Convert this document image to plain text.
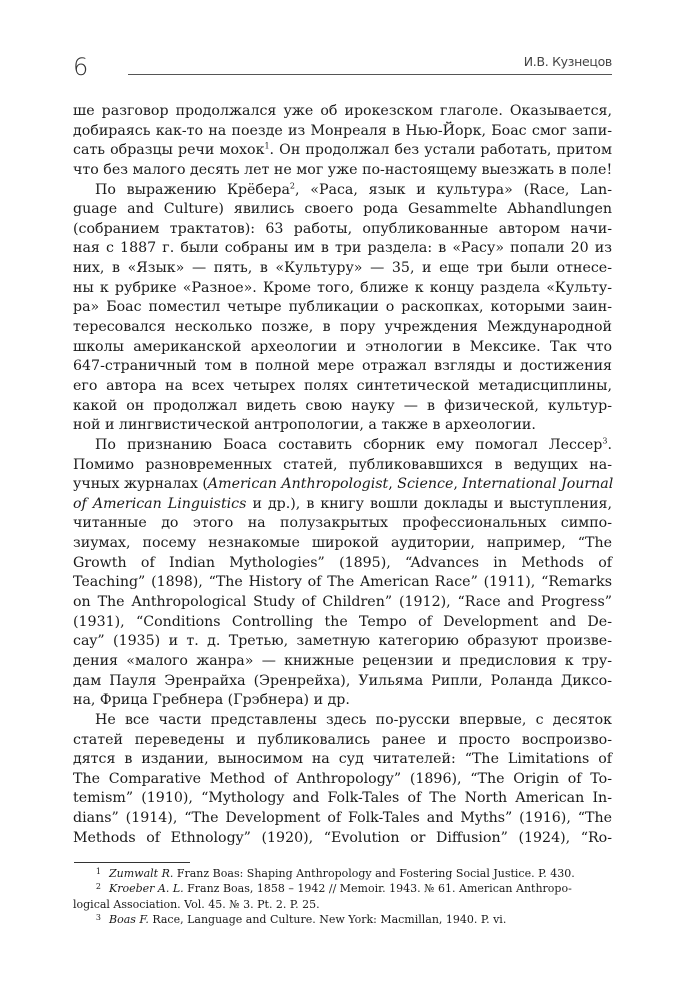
6	И.В. Кузнецов
ше разговор продолжался уже об ирокезском глаголе. Оказывается,
добираясь как-то на поезде из Монреаля в Нью-Йорк, Боас смог запи-
сать образцы речи мохок$^1$. Он продолжал без устали работать, притом
что без малого десять лет не мог уже по-настоящему выезжать в поле!
По выражению Крёбера$^2$, «Раса, язык и культура» (Race, Lan-
guage and Culture) явились своего рода Gesammelte Abhandlungen
(собранием трактатов): 63 работы, опубликованные автором начи-
ная с 1887 г. были собраны им в три раздела: в «Расу» попали 20 из
них, в «Язык» — пять, в «Культуру» — 35, и еще три были отнесе-
ны к рубрике «Разное». Кроме того, ближе к концу раздела «Культу-
ра» Боас поместил четыре публикации о раскопках, которыми заин-
тересовался несколько позже, в пору учреждения Международной
школы американской археологии и этнологии в Мексике. Так что
647-страничный том в полной мере отражал взгляды и достижения
его автора на всех четырех полях синтетической метадисциплины,
какой он продолжал видеть свою науку — в физической, культур-
ной и лингвистической антропологии, а также в археологии.
По признанию Боаса составить сборник ему помогал Лессер$^3$.
Помимо разновременных статей, публиковавшихся в ведущих на-
учных журналах (American Anthropologist, Science, International Journal
of American Linguistics и др.), в книгу вошли доклады и выступления,
читанные до этого на полузакрытых профессиональных симпо-
зиумах, посему незнакомые широкой аудитории, например, “The
Growth of Indian Mythologies” (1895), “Advances in Methods of
Teaching” (1898), “The History of The American Race” (1911), “Remarks
on The Anthropological Study of Children” (1912), “Race and Progress”
(1931), “Conditions Controlling the Tempo of Development and De-
cay” (1935) и т. д. Третью, заметную категорию образуют произве-
дения «малого жанра» — книжные рецензии и предисловия к тру-
дам Пауля Эренрайха (Эренрейха), Уильяма Рипли, Роланда Диксо-
на, Фрица Гребнера (Грэбнера) и др.
Не все части представлены здесь по-русски впервые, с десяток
статей переведены и публиковались ранее и просто воспроизво-
дятся в издании, выносимом на суд читателей: “The Limitations of
The Comparative Method of Anthropology” (1896), “The Origin of To-
temism” (1910), “Mythology and Folk-Tales of The North American In-
dians” (1914), “The Development of Folk-Tales and Myths” (1916), “The
Methods of Ethnology” (1920), “Evolution or Diffusion” (1924), “Ro-
1 Zumwalt R. Franz Boas: Shaping Anthropology and Fostering Social Justice. P. 430.
2 Kroeber A. L. Franz Boas, 1858 – 1942 // Memoir. 1943. № 61. American Anthropo-
logical Association. Vol. 45. № 3. Pt. 2. P. 25.
3 Boas F. Race, Language and Culture. New York: Macmillan, 1940. P. vi.
